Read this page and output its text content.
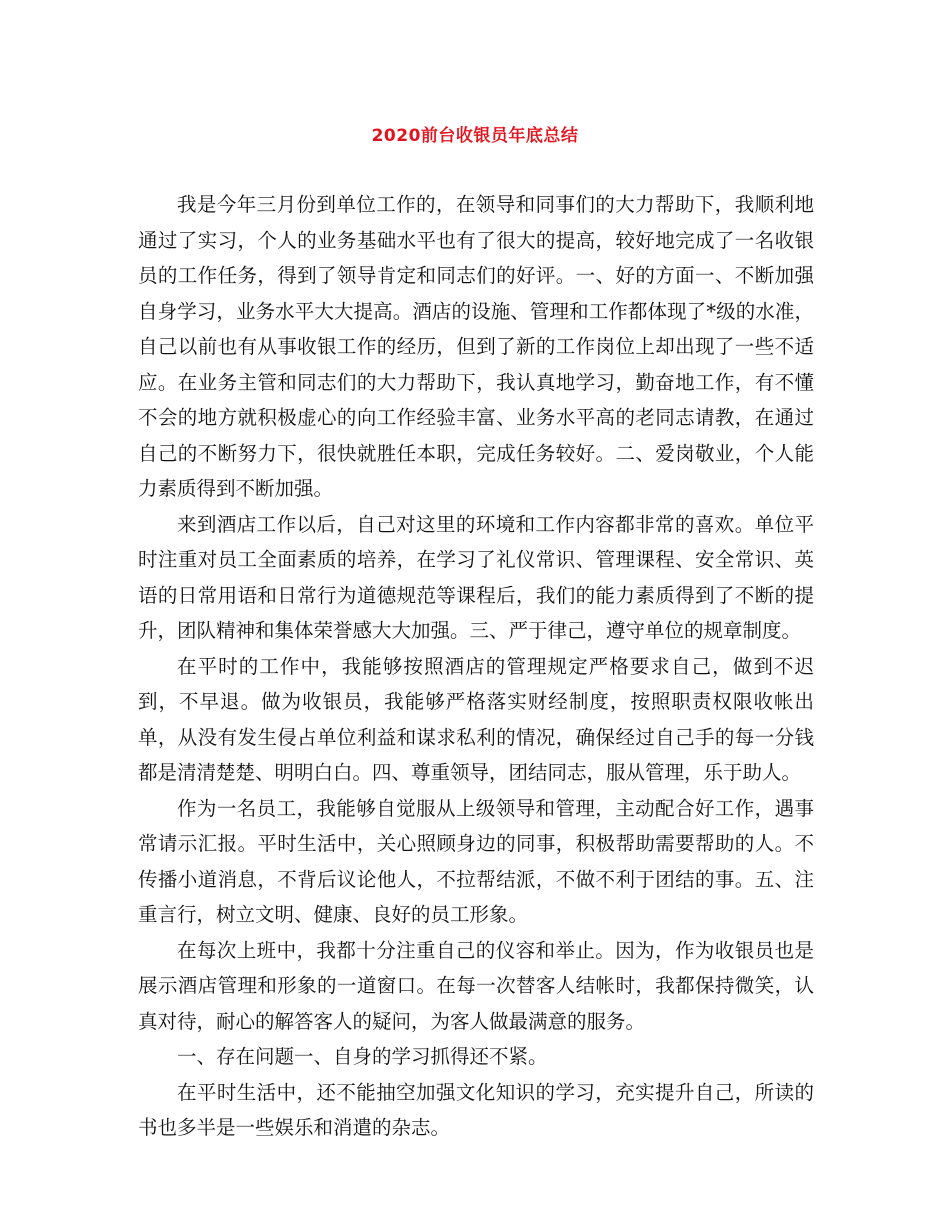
2020前台收银员年底总结

我是今年三月份到单位工作的，在领导和同事们的大力帮助下，我顺利地通过了实习，个人的业务基础水平也有了很大的提高，较好地完成了一名收银员的工作任务，得到了领导肯定和同志们的好评。一、好的方面一、不断加强自身学习，业务水平大大提高。酒店的设施、管理和工作都体现了*级的水准，自己以前也有从事收银工作的经历，但到了新的工作岗位上却出现了一些不适应。在业务主管和同志们的大力帮助下，我认真地学习，勤奋地工作，有不懂不会的地方就积极虚心的向工作经验丰富、业务水平高的老同志请教，在通过自己的不断努力下，很快就胜任本职，完成任务较好。二、爱岗敬业，个人能力素质得到不断加强。

来到酒店工作以后，自己对这里的环境和工作内容都非常的喜欢。单位平时注重对员工全面素质的培养，在学习了礼仪常识、管理课程、安全常识、英语的日常用语和日常行为道德规范等课程后，我们的能力素质得到了不断的提升，团队精神和集体荣誉感大大加强。三、严于律己，遵守单位的规章制度。

在平时的工作中，我能够按照酒店的管理规定严格要求自己，做到不迟到，不早退。做为收银员，我能够严格落实财经制度，按照职责权限收帐出单，从没有发生侵占单位利益和谋求私利的情况，确保经过自己手的每一分钱都是清清楚楚、明明白白。四、尊重领导，团结同志，服从管理，乐于助人。

作为一名员工，我能够自觉服从上级领导和管理，主动配合好工作，遇事常请示汇报。平时生活中，关心照顾身边的同事，积极帮助需要帮助的人。不传播小道消息，不背后议论他人，不拉帮结派，不做不利于团结的事。五、注重言行，树立文明、健康、良好的员工形象。

在每次上班中，我都十分注重自己的仪容和举止。因为，作为收银员也是展示酒店管理和形象的一道窗口。在每一次替客人结帐时，我都保持微笑，认真对待，耐心的解答客人的疑问，为客人做最满意的服务。

一、存在问题一、自身的学习抓得还不紧。

在平时生活中，还不能抽空加强文化知识的学习，充实提升自己，所读的书也多半是一些娱乐和消遣的杂志。
